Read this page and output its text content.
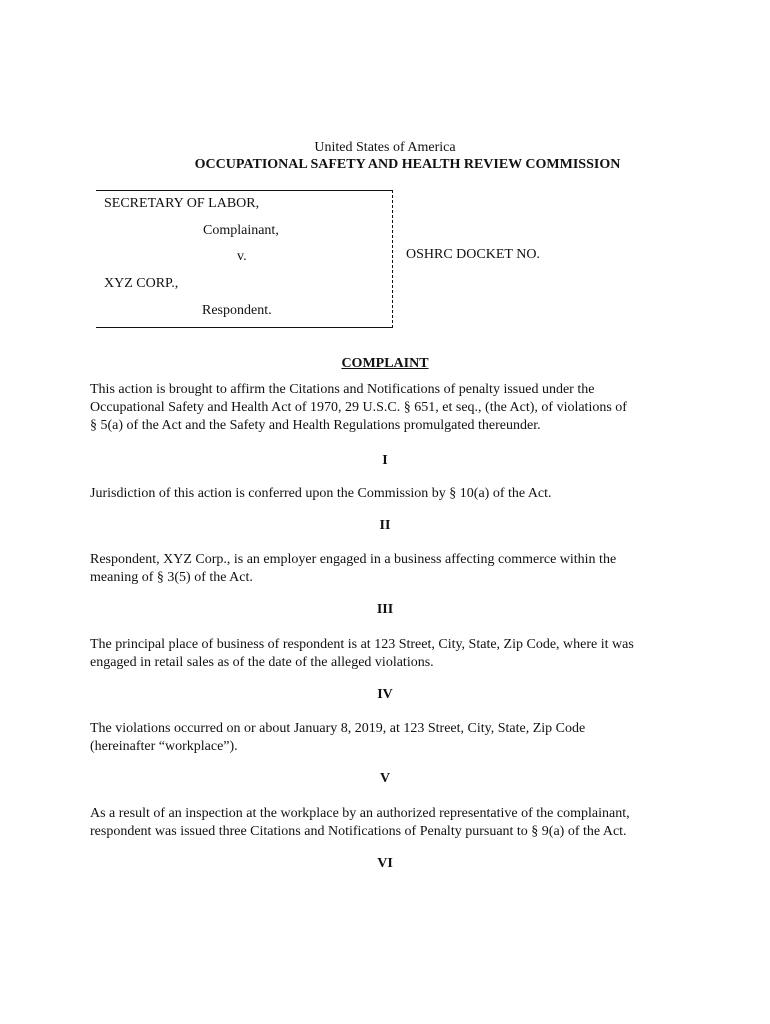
United States of America
OCCUPATIONAL SAFETY AND HEALTH REVIEW COMMISSION
SECRETARY OF LABOR,
Complainant,
v.
XYZ CORP.,
Respondent.
OSHRC DOCKET NO.
COMPLAINT
This action is brought to affirm the Citations and Notifications of penalty issued under the
Occupational Safety and Health Act of 1970, 29 U.S.C. § 651, et seq., (the Act), of violations of
§ 5(a) of the Act and the Safety and Health Regulations promulgated thereunder.
I
Jurisdiction of this action is conferred upon the Commission by § 10(a) of the Act.
II
Respondent, XYZ Corp., is an employer engaged in a business affecting commerce within the
meaning of § 3(5) of the Act.
III
The principal place of business of respondent is at 123 Street, City, State, Zip Code, where it was
engaged in retail sales as of the date of the alleged violations.
IV
The violations occurred on or about January 8, 2019, at 123 Street, City, State, Zip Code
(hereinafter “workplace”).
V
As a result of an inspection at the workplace by an authorized representative of the complainant,
respondent was issued three Citations and Notifications of Penalty pursuant to § 9(a) of the Act.
VI
